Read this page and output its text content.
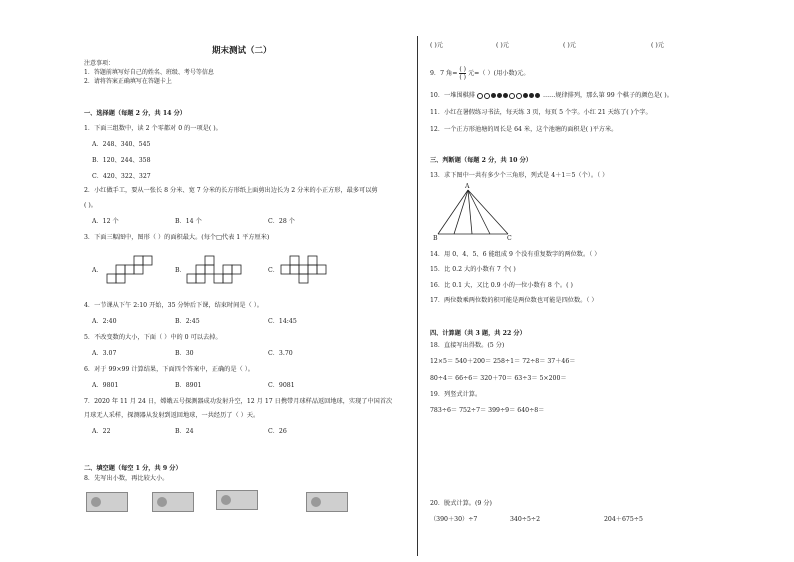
期末测试（二）
注意事项：
1．答题前填写好自己的姓名、班级、考号等信息
2．请将答案正确填写在答题卡上
一、选择题（每题 2 分，共 14 分）
1．下面三组数中，读 2 个零都对 0 的一项是( )。
A．248、340、545
B．120、244、358
C．420、322、327
2．小红做手工，要从一张长 8 分米、宽 7 分米的长方形纸上面剪出边长为 2 分米的小正方形，最多可以剪
( )。
A．12 个	B．14 个	C．28 个
3．下面三幅图中，图形（ ）的面积最大。(每个□代表 1 平方厘米)
A．	B．	C．
4．一节课从下午 2:10 开始，35 分钟后下课，结束时间是（ ）。
A．2:40	B．2:45	C．14:45
5．不改变数的大小，下面（ ）中的 0 可以去掉。
A．3.07	B．30	C．3.70
6．对于 99×99 计算结果，下面四个答案中，正确的是（ ）。
A．9801	B．8901	C．9081
7．2020 年 11 月 24 日，嫦娥五号探测器成功发射升空，12 月 17 日携带月球样品返回地球，实现了中国首次
月球无人采样，探测器从发射到返回地球，一共经历了（ ）天。
A．22	B．24	C．26
二、填空题（每空 1 分，共 9 分）
8．先写出小数，再比较大小。
( )元	( )元	( )元	( )元
9．7 角= $\frac{( )}{( )}$ 元=（ ）(用小数)元。
10．一堆围棋排	……规律排列，那么第 99 个棋子的颜色是( )。
11．小红在暑假练习书法，每天练 3 页，每页 5 个字。小红 21 天练了( )个字。
12．一个正方形池塘的周长是 64 米，这个池塘的面积是( )平方米。
三、判断题（每题 2 分，共 10 分）
13．求下图中一共有多少个三角形，列式是 4＋1＝5（个）。（ ）
A
B	C
14．用 0、4、5、6 能组成 9 个没有重复数字的两位数。（ ）
15．比 0.2 大的小数有 7 个( )
16．比 0.1 大，又比 0.9 小的一位小数有 8 个。( )
17．两位数乘两位数的积可能是两位数也可能是四位数。（ ）
四、计算题（共 3 题，共 22 分）
18．直接写出得数。(5 分)
12×5＝ 540＋200＝ 258÷1＝ 72÷8＝ 37＋46＝
80÷4＝ 66÷6＝ 320＋70＝ 63÷3＝ 5×200＝
19．列竖式计算。
783÷6＝ 752÷7＝ 399÷9＝ 640÷8＝
20．脱式计算。(9 分)
（390＋30）÷7	340÷5÷2	204＋675÷5
